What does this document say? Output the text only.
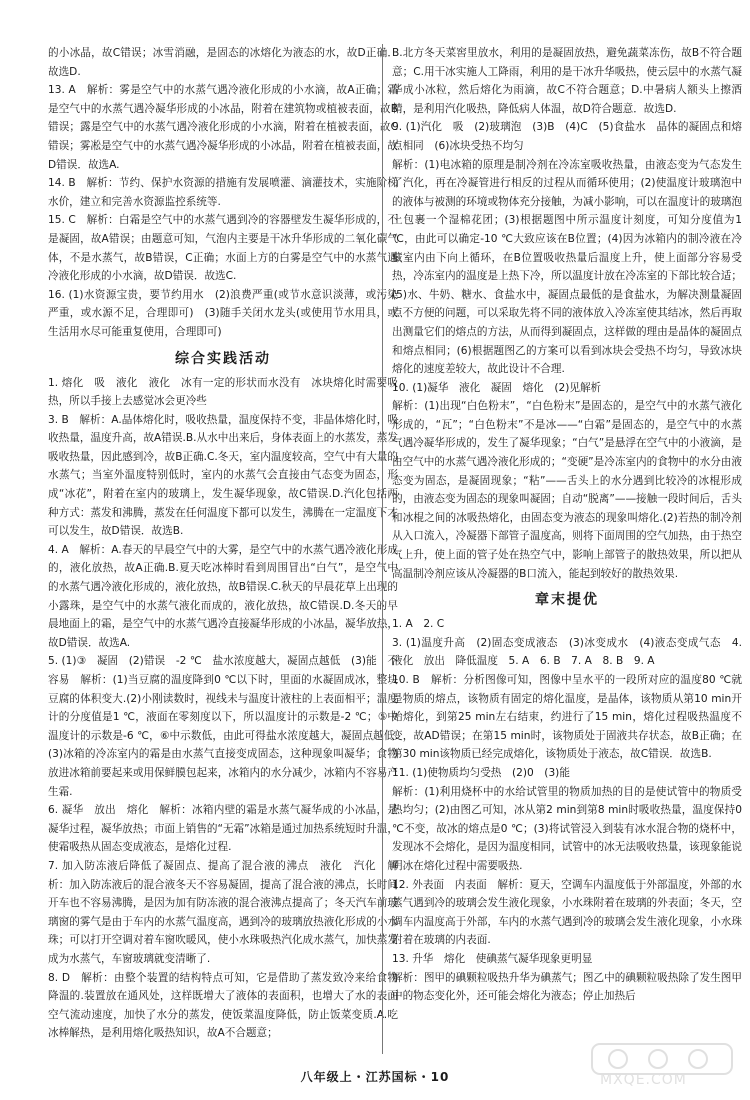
的小冰晶，故C错误；冰雪消融，是固态的冰熔化为液态的水，故D正确．故选D.

13. A　解析：雾是空气中的水蒸气遇冷液化形成的小水滴，故A正确；霜是空气中的水蒸气遇冷凝华形成的小冰晶，附着在建筑物或植被表面，故B错误；露是空气中的水蒸气遇冷液化形成的小水滴，附着在植被表面，故C错误；雾凇是空气中的水蒸气遇冷凝华形成的小冰晶，附着在植被表面，故D错误．故选A.

14. B　解析：节约、保护水资源的措施有发展喷灌、滴灌技术，实施阶梯水价，建立和完善水资源监控系统等.

15. C　解析：白霜是空气中的水蒸气遇到冷的容器壁发生凝华形成的，不是凝固，故A错误；由题意可知，气泡内主要是干冰升华形成的二氧化碳气体，不是水蒸气，故B错误，C正确；水面上方的白雾是空气中的水蒸气遇冷液化形成的小水滴，故D错误．故选C.

16. (1)水资源宝贵，要节约用水　(2)浪费严重(或节水意识淡薄，或污染严重，或水源不足，合理即可)　(3)随手关闭水龙头(或使用节水用具，或生活用水尽可能重复使用，合理即可)

综合实践活动

1. 熔化　吸　液化　液化　冰有一定的形状而水没有　冰块熔化时需要吸热，所以手接上去感觉冰会更冷些

3. B　解析：A.晶体熔化时，吸收热量，温度保持不变，非晶体熔化时，吸收热量，温度升高，故A错误.B.从水中出来后，身体表面上的水蒸发，蒸发吸收热量，因此感到冷，故B正确.C.冬天，室内温度较高，空气中有大量的水蒸气；当室外温度特别低时，室内的水蒸气会直接由气态变为固态，形成“冰花”，附着在室内的玻璃上，发生凝华现象，故C错误.D.汽化包括两种方式：蒸发和沸腾，蒸发在任何温度下都可以发生，沸腾在一定温度下才可以发生，故D错误．故选B.

4. A　解析：A.春天的早晨空气中的大雾，是空气中的水蒸气遇冷液化形成的，液化放热，故A正确.B.夏天吃冰棒时看到周围冒出“白气”，是空气中的水蒸气遇冷液化形成的，液化放热，故B错误.C.秋天的早晨花草上出现的小露珠，是空气中的水蒸气液化而成的，液化放热，故C错误.D.冬天的早晨地面上的霜，是空气中的水蒸气遇冷直接凝华形成的小冰晶，凝华放热，故D错误．故选A.

5. (1)③　凝固　(2)错误　-2 ℃　盐水浓度越大，凝固点越低　(3)能　不容易　解析：(1)当豆腐的温度降到0 ℃以下时，里面的水凝固成冰，整块豆腐的体积变大.(2)小刚读数时，视线未与温度计液柱的上表面相平；温度计的分度值是1 ℃，液面在零刻度以下，所以温度计的示数是-2 ℃；⑤中温度计的示数是-6 ℃，⑥中示数低，由此可得盐水浓度越大，凝固点越低.(3)冰箱的冷冻室内的霜是由水蒸气直接变成固态，这种现象叫凝华；食物放进冰箱前要起来或用保鲜膜包起来，冰箱内的水分减少，冰箱内不容易产生霜.

6. 凝华　放出　熔化　解析：冰箱内壁的霜是水蒸气凝华成的小冰晶，是凝华过程，凝华放热；市面上销售的“无霜”冰箱是通过加热系统短时升温，使霜吸热从固态变成液态，是熔化过程.

7. 加入防冻液后降低了凝固点、提高了混合液的沸点　液化　汽化　解析：加入防冻液后的混合液冬天不容易凝固，提高了混合液的沸点，长时间开车也不容易沸腾，是因为加有防冻液的混合液沸点提高了；冬天汽车前玻璃窗的雾气是由于车内的水蒸气温度高，遇到冷的玻璃放热液化形成的小水珠；可以打开空调对着车窗吹暖风，使小水珠吸热汽化成水蒸气，加快蒸发成为水蒸气，车窗玻璃就变清晰了.

8. D　解析：由整个装置的结构特点可知，它是借助了蒸发致冷来给食物降温的.装置放在通风处，这样既增大了液体的表面积，也增大了水的表面空气流动速度，加快了水分的蒸发，使饭菜温度降低，防止饭菜变质.A.吃冰棒解热，是利用熔化吸热知识，故A不合题意；

B.北方冬天菜窖里放水，利用的是凝固放热，避免蔬菜冻伤，故B不符合题意；C.用干冰实施人工降雨，利用的是干冰升华吸热，使云层中的水蒸气凝华成小冰粒，然后熔化为雨滴，故C不符合题意；D.中暑病人额头上擦酒精，是利用汽化吸热，降低病人体温，故D符合题意．故选D.

9. (1)汽化　吸　(2)玻璃泡　(3)B　(4)C　(5)食盐水　晶体的凝固点和熔点相同　(6)冰块受热不均匀

解析：(1)电冰箱的原理是制冷剂在冷冻室吸收热量，由液态变为气态发生了汽化，再在冷凝管进行相反的过程从而循环使用；(2)使温度计玻璃泡中的液体与被测的环境或物体充分接触，为减小影响，可以在温度计的玻璃泡上包裹一个湿棉花团；(3)根据题图中所示温度计刻度，可知分度值为1 ℃，由此可以确定-10 ℃大致应该在B位置；(4)因为冰箱内的制冷液在冷藏室内由下向上循环，在B位置吸收热量后温度上升，使上面部分容易受热，冷冻室内的温度是上热下冷，所以温度计放在冷冻室的下部比较合适；(5)水、牛奶、糖水、食盐水中，凝固点最低的是食盐水，为解决测量凝固点不方便的问题，可以采取先将不同的液体放入冷冻室使其结冰，然后再取出测量它们的熔点的方法，从而得到凝固点，这样做的理由是晶体的凝固点和熔点相同；(6)根据题图乙的方案可以看到冰块会受热不均匀，导致冰块熔化的速度差较大，故此设计不合理.

10. (1)凝华　液化　凝固　熔化　(2)见解析

解析：(1)出现“白色粉末”，“白色粉末”是固态的，是空气中的水蒸气液化形成的，“瓦”；“白色粉末”不是冰——“白霜”是固态的，是空气中的水蒸气遇冷凝华形成的，发生了凝华现象；“白气”是悬浮在空气中的小液滴，是由空气中的水蒸气遇冷液化形成的；“变硬”是冷冻室内的食物中的水分由液态变为固态，是凝固现象；“粘”——舌头上的水分遇到比较冷的冰棍形成的，由液态变为固态的现象叫凝固；自动“脱离”——接触一段时间后，舌头和冰棍之间的冰吸热熔化，由固态变为液态的现象叫熔化.(2)若热的制冷剂从入口流入，冷凝器下部管子温度高，则将下面周围的空气加热，由于热空气上升，使上面的管子处在热空气中，影响上部管子的散热效果，所以把从高温制冷剂应该从冷凝器的B口流入，能起到较好的散热效果.

章末提优

1. A　2. C

3. (1)温度升高　(2)固态变成液态　(3)冰变成水　(4)液态变成气态　4. 液化　放出　降低温度　5. A　6. B　7. A　8. B　9. A

10. B　解析：分析图像可知，图像中呈水平的一段所对应的温度80 ℃就是物质的熔点，该物质有固定的熔化温度，是晶体，该物质从第10 min开始熔化，到第25 min左右结束，约进行了15 min，熔化过程吸热温度不变，故AD错误；在第15 min时，该物质处于固液共存状态，故B正确；在第30 min该物质已经完成熔化，该物质处于液态，故C错误．故选B.

11. (1)使物质均匀受热　(2)0　(3)能

解析：(1)利用烧杯中的水给试管里的物质加热的目的是使试管中的物质受热均匀；(2)由图乙可知，冰从第2 min到第8 min时吸收热量，温度保持0 ℃不变，故冰的熔点是0 ℃；(3)将试管浸入到装有冰水混合物的烧杯中，发现冰不会熔化，是因为温度相同，试管中的冰无法吸收热量，该现象能说明冰在熔化过程中需要吸热.

12. 外表面　内表面　解析：夏天，空调车内温度低于外部温度，外部的水蒸气遇到冷的玻璃会发生液化现象，小水珠附着在玻璃的外表面；冬天，空调车内温度高于外部，车内的水蒸气遇到冷的玻璃会发生液化现象，小水珠附着在玻璃的内表面.

13. 升华　熔化　使碘蒸气凝华现象更明显

解析：图甲的碘颗粒吸热升华为碘蒸气；图乙中的碘颗粒吸热除了发生图甲中的物态变化外，还可能会熔化为液态；停止加热后

八年级上・江苏国标・10	MXQE.COM
